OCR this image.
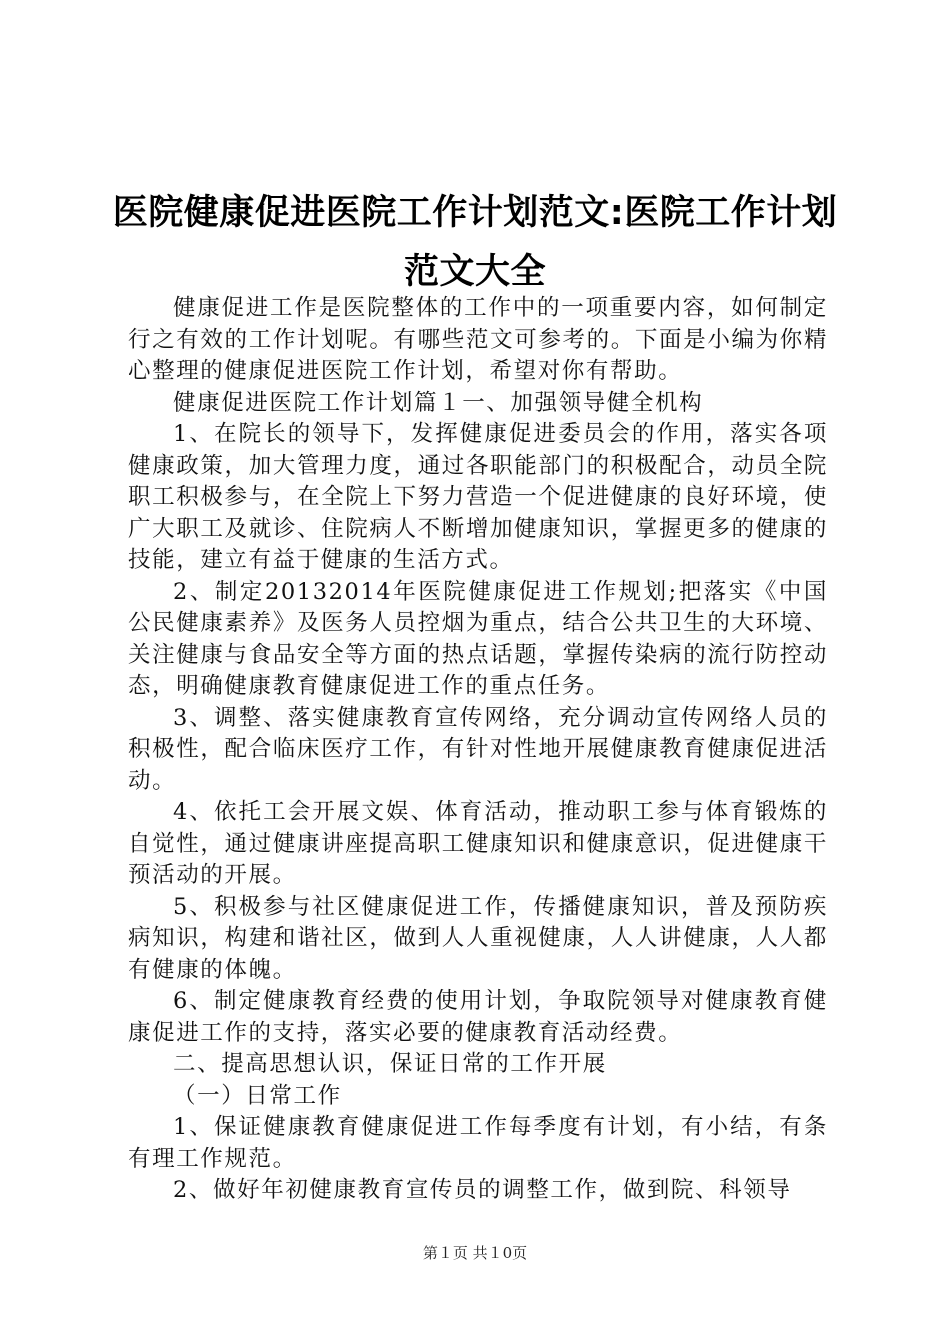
医院健康促进医院工作计划范文:医院工作计划范文大全

健康促进工作是医院整体的工作中的一项重要内容，如何制定行之有效的工作计划呢。有哪些范文可参考的。下面是小编为你精心整理的健康促进医院工作计划，希望对你有帮助。

健康促进医院工作计划篇１一、加强领导健全机构

1、在院长的领导下，发挥健康促进委员会的作用，落实各项健康政策，加大管理力度，通过各职能部门的积极配合，动员全院职工积极参与，在全院上下努力营造一个促进健康的良好环境，使广大职工及就诊、住院病人不断增加健康知识，掌握更多的健康的技能，建立有益于健康的生活方式。

2、制定20132014年医院健康促进工作规划;把落实《中国公民健康素养》及医务人员控烟为重点，结合公共卫生的大环境、关注健康与食品安全等方面的热点话题，掌握传染病的流行防控动态，明确健康教育健康促进工作的重点任务。

3、调整、落实健康教育宣传网络，充分调动宣传网络人员的积极性，配合临床医疗工作，有针对性地开展健康教育健康促进活动。

4、依托工会开展文娱、体育活动，推动职工参与体育锻炼的自觉性，通过健康讲座提高职工健康知识和健康意识，促进健康干预活动的开展。

5、积极参与社区健康促进工作，传播健康知识，普及预防疾病知识，构建和谐社区，做到人人重视健康，人人讲健康，人人都有健康的体魄。

6、制定健康教育经费的使用计划，争取院领导对健康教育健康促进工作的支持，落实必要的健康教育活动经费。

二、提高思想认识，保证日常的工作开展

（一）日常工作

1、保证健康教育健康促进工作每季度有计划，有小结，有条有理工作规范。

2、做好年初健康教育宣传员的调整工作，做到院、科领导

第１页 共１0页
